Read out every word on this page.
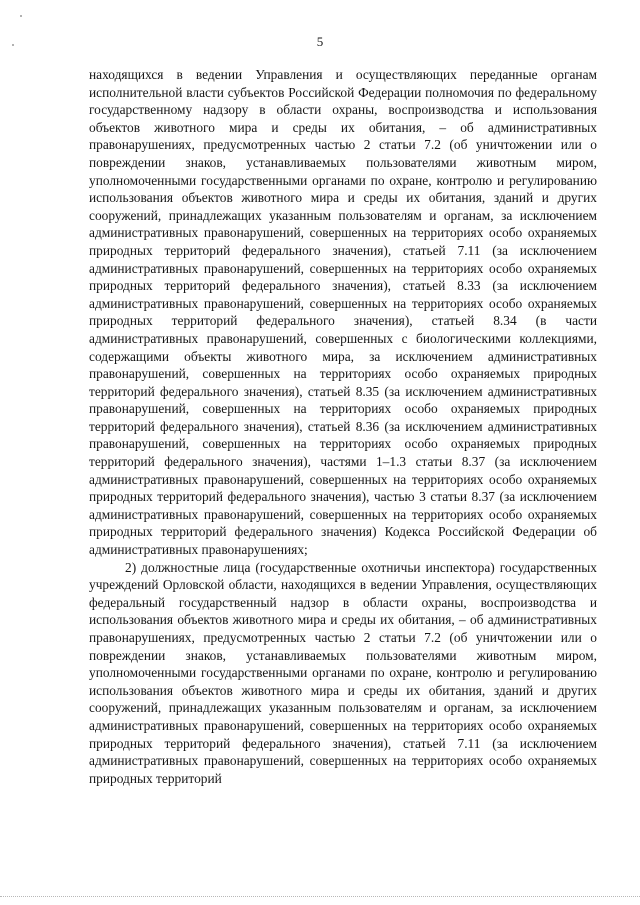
5

находящихся в ведении Управления и осуществляющих переданные органам исполнительной власти субъектов Российской Федерации полномочия по федеральному государственному надзору в области охраны, воспроизводства и использования объектов животного мира и среды их обитания, – об административных правонарушениях, предусмотренных частью 2 статьи 7.2 (об уничтожении или о повреждении знаков, устанавливаемых пользователями животным миром, уполномоченными государственными органами по охране, контролю и регулированию использования объектов животного мира и среды их обитания, зданий и других сооружений, принадлежащих указанным пользователям и органам, за исключением административных правонарушений, совершенных на территориях особо охраняемых природных территорий федерального значения), статьей 7.11 (за исключением административных правонарушений, совершенных на территориях особо охраняемых природных территорий федерального значения), статьей 8.33 (за исключением административных правонарушений, совершенных на территориях особо охраняемых природных территорий федерального значения), статьей 8.34 (в части административных правонарушений, совершенных с биологическими коллекциями, содержащими объекты животного мира, за исключением административных правонарушений, совершенных на территориях особо охраняемых природных территорий федерального значения), статьей 8.35 (за исключением административных правонарушений, совершенных на территориях особо охраняемых природных территорий федерального значения), статьей 8.36 (за исключением административных правонарушений, совершенных на территориях особо охраняемых природных территорий федерального значения), частями 1–1.3 статьи 8.37 (за исключением административных правонарушений, совершенных на территориях особо охраняемых природных территорий федерального значения), частью 3 статьи 8.37 (за исключением административных правонарушений, совершенных на территориях особо охраняемых природных территорий федерального значения) Кодекса Российской Федерации об административных правонарушениях;

2) должностные лица (государственные охотничьи инспектора) государственных учреждений Орловской области, находящихся в ведении Управления, осуществляющих федеральный государственный надзор в области охраны, воспроизводства и использования объектов животного мира и среды их обитания, – об административных правонарушениях, предусмотренных частью 2 статьи 7.2 (об уничтожении или о повреждении знаков, устанавливаемых пользователями животным миром, уполномоченными государственными органами по охране, контролю и регулированию использования объектов животного мира и среды их обитания, зданий и других сооружений, принадлежащих указанным пользователям и органам, за исключением административных правонарушений, совершенных на территориях особо охраняемых природных территорий федерального значения), статьей 7.11 (за исключением административных правонарушений, совершенных на территориях особо охраняемых природных территорий
